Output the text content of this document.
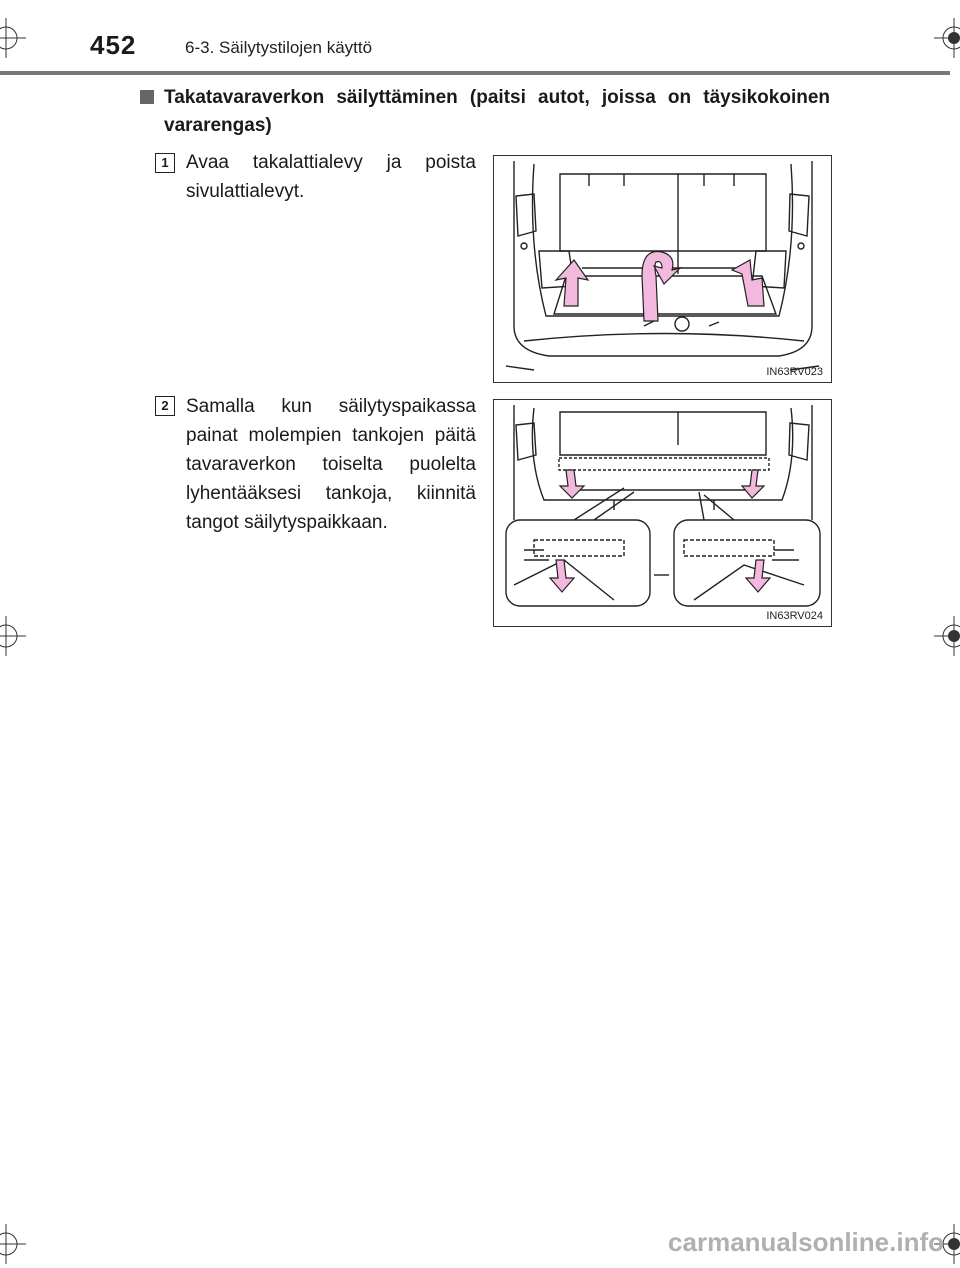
452	6-3. Säilytystilojen käyttö
Takatavaraverkon säilyttäminen (paitsi autot, joissa on täysikokoinen vararengas)
1 Avaa takalattialevy ja poista sivulattialevyt.
IN63RV023
2 Samalla kun säilytyspaikassa painat molempien tankojen päitä tavaraverkon toiselta puolelta lyhentääksesi tankoja, kiinnitä tangot säilytyspaikkaan.
IN63RV024
carmanualsonline.info
